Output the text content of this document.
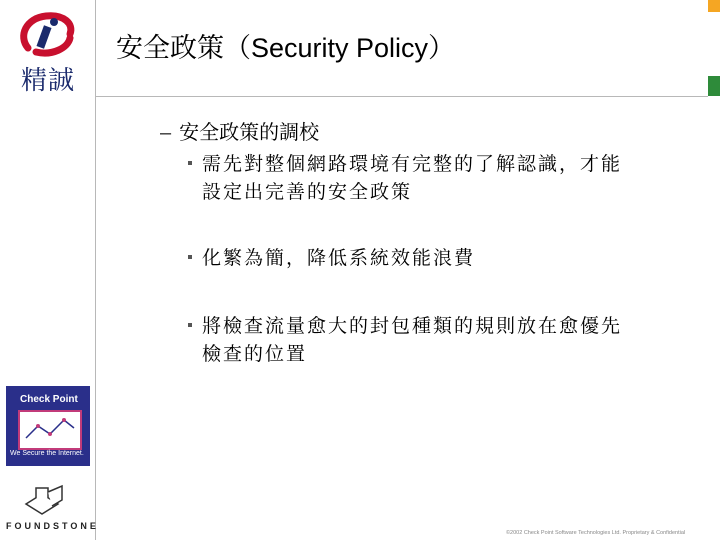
精誠
安全政策（Security Policy）
– 安全政策的調校
需先對整個網路環境有完整的了解認識，才能
設定出完善的安全政策
化繁為簡，降低系統效能浪費
將檢查流量愈大的封包種類的規則放在愈優先
檢查的位置
Check Point
We Secure the Internet.
FOUNDSTONE
©2002 Check Point Software Technologies Ltd. Proprietary & Confidential
